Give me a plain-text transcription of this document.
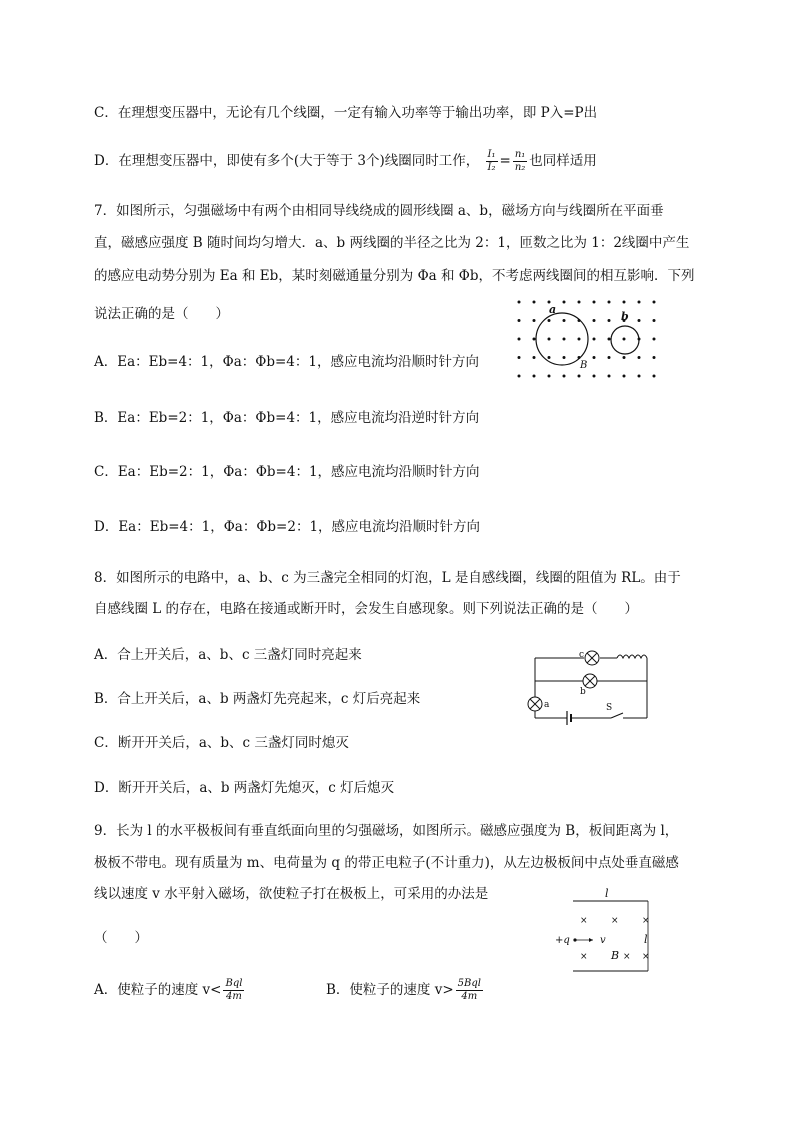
C．在理想变压器中，无论有几个线圈，一定有输入功率等于输出功率，即 P入=P出
D．在理想变压器中，即使有多个(大于等于 3个)线圈同时工作， $\frac{\text{I₁}}{\text{I₂}} = \frac{\text{n₁}}{\text{n₂}}$ 也同样适用
7．如图所示，匀强磁场中有两个由相同导线绕成的圆形线圈 a、b，磁场方向与线圈所在平面垂
直，磁感应强度 B 随时间均匀增大．a、b 两线圈的半径之比为 2：1，匝数之比为 1：2线圈中产生
的感应电动势分别为 Ea 和 Eb，某时刻磁通量分别为 Φa 和 Φb，不考虑两线圈间的相互影响．下列
说法正确的是（　　）
A．Ea：Eb=4：1，Φa：Φb=4：1，感应电流均沿顺时针方向
B．Ea：Eb=2：1，Φa：Φb=4：1，感应电流均沿逆时针方向
C．Ea：Eb=2：1，Φa：Φb=4：1，感应电流均沿顺时针方向
D．Ea：Eb=4：1，Φa：Φb=2：1，感应电流均沿顺时针方向
a
b
B
8．如图所示的电路中，a、b、c 为三盏完全相同的灯泡，L 是自感线圈，线圈的阻值为 RL。由于
自感线圈 L 的存在，电路在接通或断开时，会发生自感现象。则下列说法正确的是（　　）
A．合上开关后，a、b、c 三盏灯同时亮起来
B．合上开关后，a、b 两盏灯先亮起来，c 灯后亮起来
C．断开开关后，a、b、c 三盏灯同时熄灭
D．断开开关后，a、b 两盏灯先熄灭，c 灯后熄灭
c
b
a	S
9．长为 l 的水平极板间有垂直纸面向里的匀强磁场，如图所示。磁感应强度为 B，板间距离为 l，
极板不带电。现有质量为 m、电荷量为 q 的带正电粒子(不计重力)，从左边极板间中点处垂直磁感
线以速度 v 水平射入磁场，欲使粒子打在极板上，可采用的办法是
（　　）
A．使粒子的速度 $v< \frac{\text{Bql}}{4m}$	B．使粒子的速度 $v> \frac{\text{5Bql}}{4m}$
l
l
×	×	×
×	× ×
B
+q	v
